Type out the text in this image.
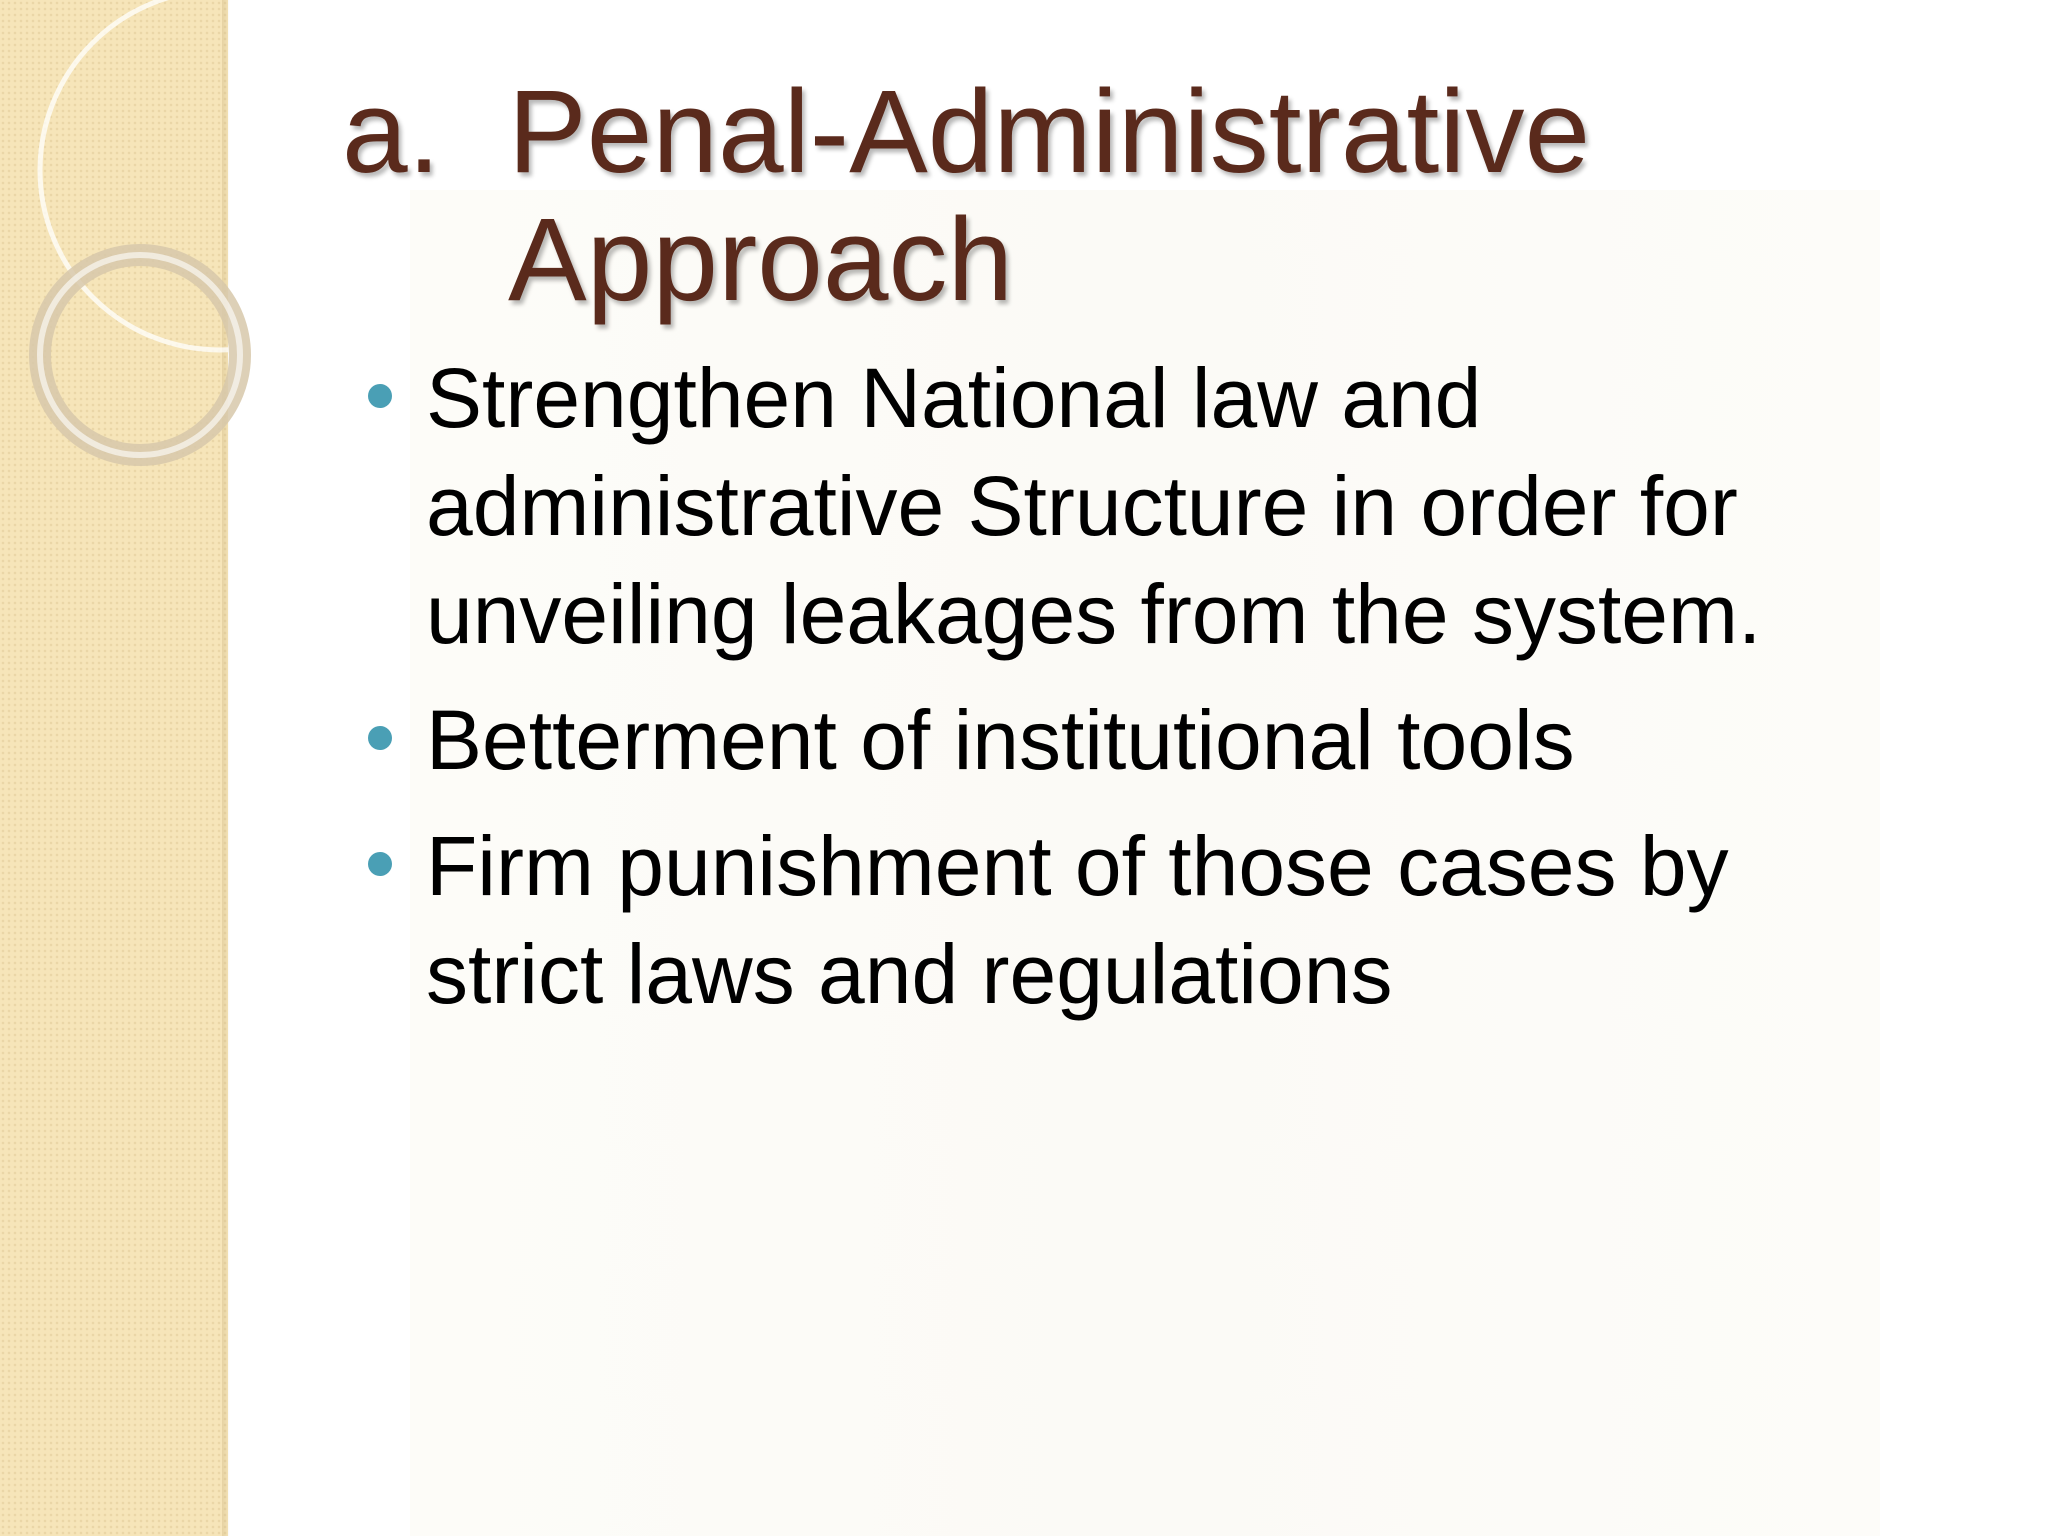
a. Penal-Administrative Approach
Strengthen National law and administrative Structure in order for unveiling leakages from the system.
Betterment of institutional tools
Firm punishment of those cases by strict laws and regulations
